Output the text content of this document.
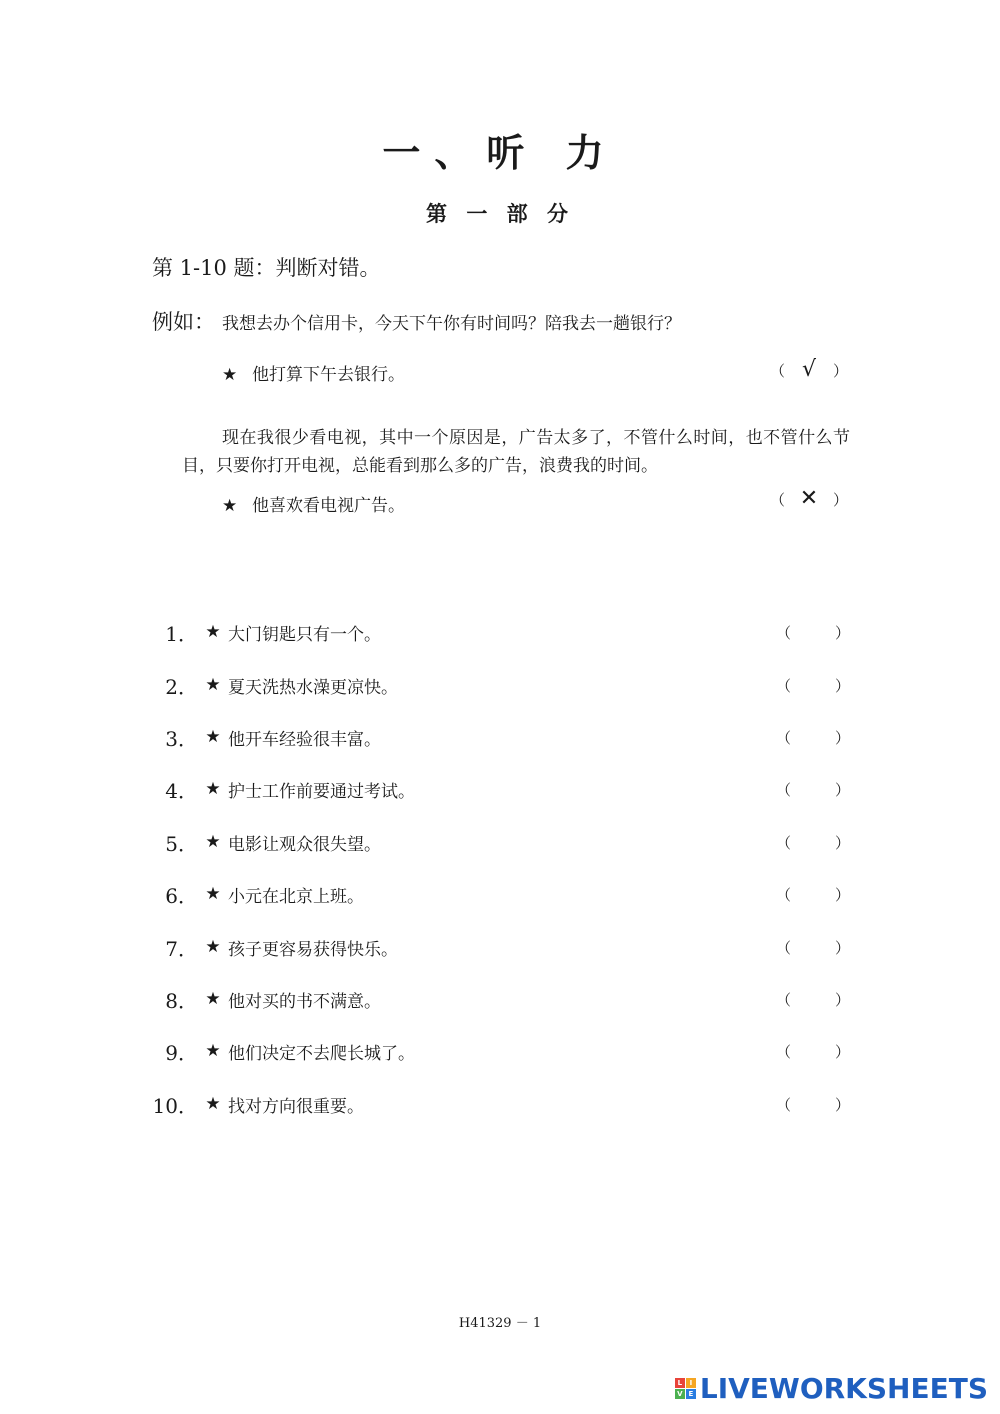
一、听 力
第 一 部 分
第 1-10 题：判断对错。
例如： 我想去办个信用卡，今天下午你有时间吗？陪我去一趟银行？
★ 他打算下午去银行。	（ √ ）
现在我很少看电视，其中一个原因是，广告太多了，不管什么时间，也不管什么节目，只要你打开电视，总能看到那么多的广告，浪费我的时间。
★ 他喜欢看电视广告。	（ ✕ ）
1． ★ 大门钥匙只有一个。	（	）
2． ★ 夏天洗热水澡更凉快。	（	）
3． ★ 他开车经验很丰富。	（	）
4． ★ 护士工作前要通过考试。	（	）
5． ★ 电影让观众很失望。	（	）
6． ★ 小元在北京上班。	（	）
7． ★ 孩子更容易获得快乐。	（	）
8． ★ 他对买的书不满意。	（	）
9． ★ 他们决定不去爬长城了。	（	）
10． ★ 找对方向很重要。	（	）
H41329 － 1
L	I
V E LIVEWORKSHEETS
